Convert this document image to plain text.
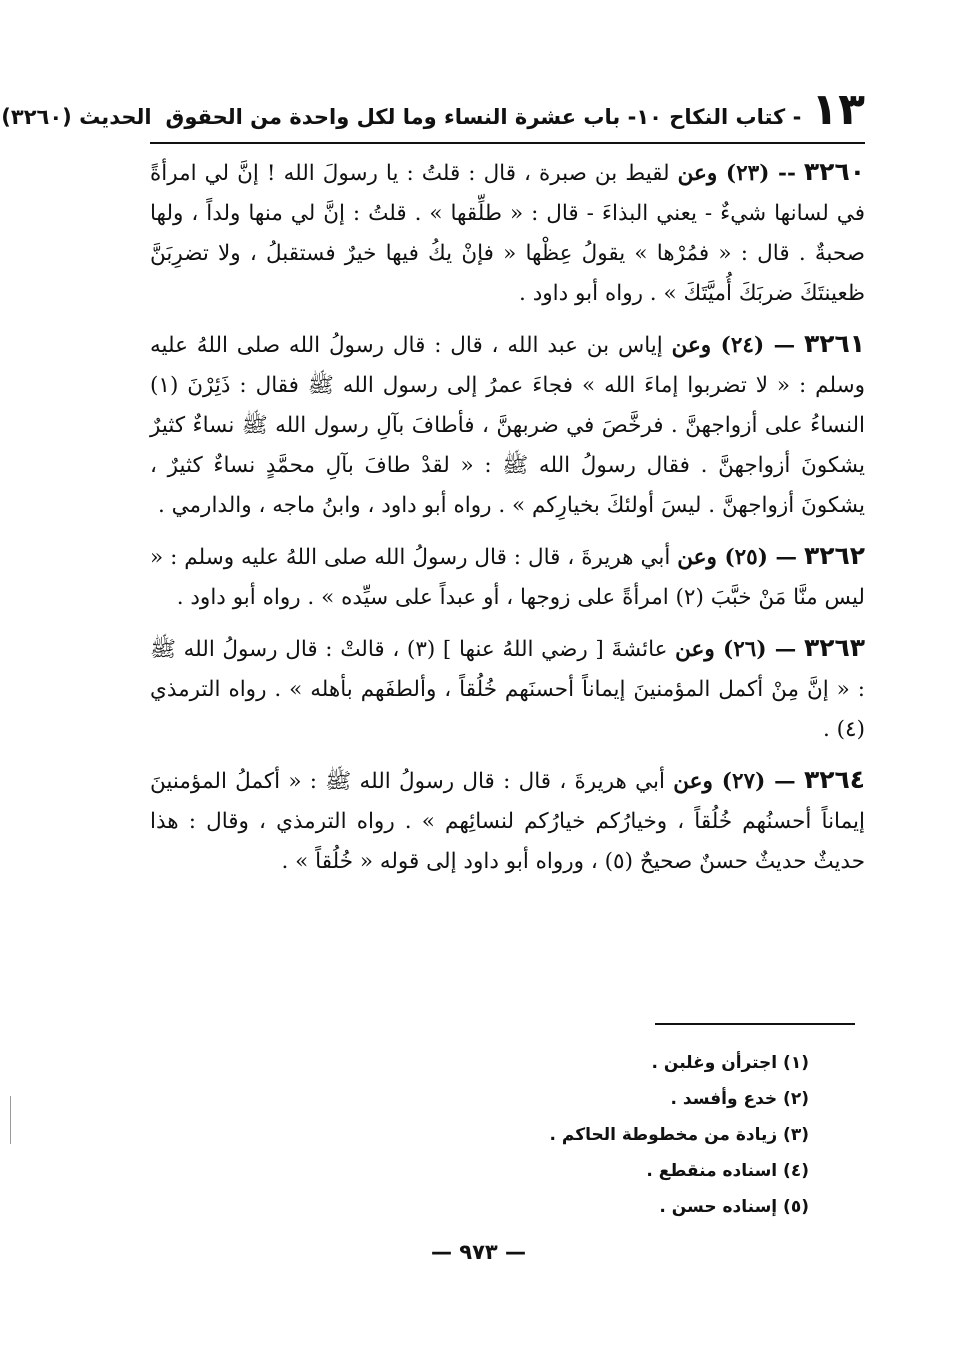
١٣
- كتاب النكاح ١٠- باب عشرة النساء وما لكل واحدة من الحقوق
الحديث (٣٢٦٠)

٣٢٦٠ -- (٢٣) وعن لقيط بن صبرة ، قال : قلتُ : يا رسولَ الله ! إنَّ لي امرأةً في لسانها شيءٌ - يعني البذاءَ - قال : « طلِّقها » . قلتُ : إنَّ لي منها ولداً ، ولها صحبةٌ . قال : « فمُرْها » يقولُ عِظْها « فإنْ يكُ فيها خيرٌ فستقبلُ ، ولا تضرِبَنَّ ظعينتَكَ ضربَكَ أُميَّتَكَ » . رواه أبو داود .

٣٢٦١ — (٢٤) وعن إياس بن عبد الله ، قال : قال رسولُ الله صلى اللهُ عليه وسلم : « لا تضربوا إماءَ الله » فجاءَ عمرُ إلى رسول الله ﷺ فقال : ذَئِرْنَ (١) النساءُ على أزواجهنَّ . فرخَّصَ في ضربهنَّ ، فأطافَ بآلِ رسول الله ﷺ نساءٌ كثيرٌ يشكونَ أزواجهنَّ . فقال رسولُ الله ﷺ : « لقدْ طافَ بآلِ محمَّدٍ نساءٌ كثيرٌ ، يشكونَ أزواجهنَّ . ليسَ أولئكَ بخيارِكم » . رواه أبو داود ، وابنُ ماجه ، والدارمي .

٣٢٦٢ — (٢٥) وعن أبي هريرةَ ، قال : قال رسولُ الله صلى اللهُ عليه وسلم : « ليس منَّا مَنْ خبَّبَ (٢) امرأةً على زوجها ، أو عبداً على سيِّده » . رواه أبو داود .

٣٢٦٣ — (٢٦) وعن عائشةَ [ رضي اللهُ عنها ] (٣) ، قالتْ : قال رسولُ الله ﷺ : « إنَّ مِنْ أكمل المؤمنينَ إيماناً أحسنَهم خُلُقاً ، وألطفَهم بأهله » . رواه الترمذي (٤) .

٣٢٦٤ — (٢٧) وعن أبي هريرةَ ، قال : قال رسولُ الله ﷺ : « أكملُ المؤمنينَ إيماناً أحسنُهم خُلُقاً ، وخيارُكم خيارُكم لنسائِهم » . رواه الترمذي ، وقال : هذا حديثٌ حديثٌ حسنٌ صحيحٌ (٥) ، ورواه أبو داود إلى قوله « خُلُقاً » .

(١) اجترأن وغلبن .
(٢) خدع وأفسد .
(٣) زيادة من مخطوطة الحاكم .
(٤) اسناده منقطع .
(٥) إسناده حسن .
— ٩٧٣ —
